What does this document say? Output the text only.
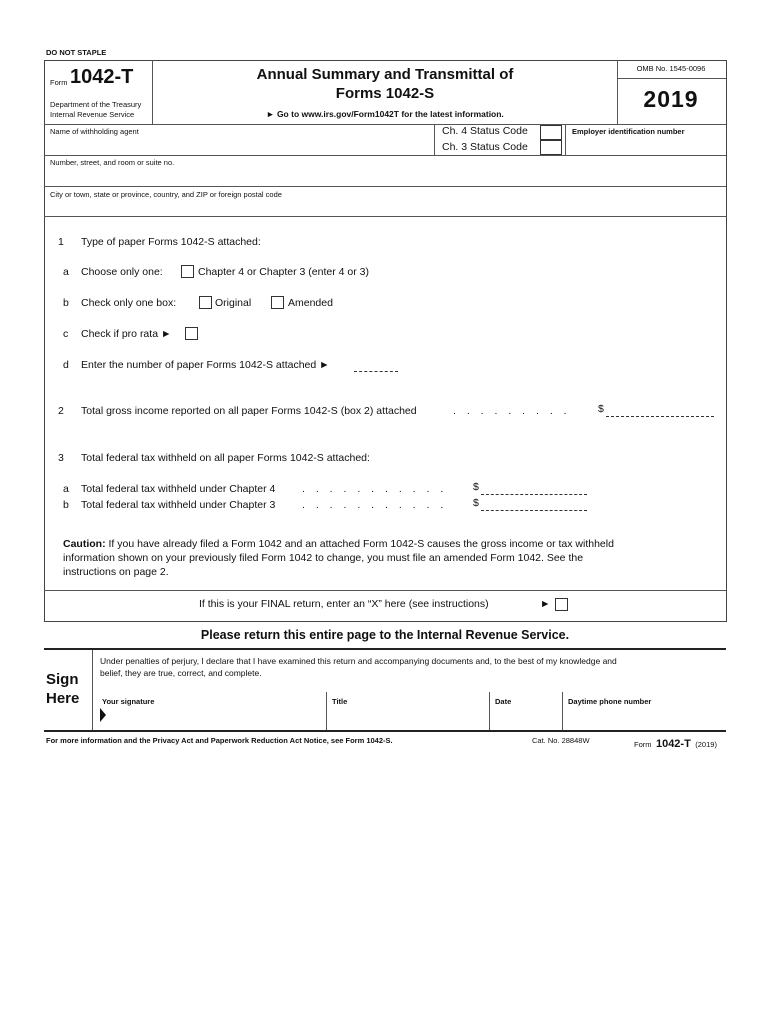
DO NOT STAPLE
Form 1042-T
Department of the Treasury
Internal Revenue Service
Annual Summary and Transmittal of
Forms 1042-S
► Go to www.irs.gov/Form1042T for the latest information.
OMB No. 1545-0096
2019
Name of withholding agent	Ch. 4 Status Code
Ch. 3 Status Code
Employer identification number
Number, street, and room or suite no.
City or town, state or province, country, and ZIP or foreign postal code
1 Type of paper Forms 1042-S attached:
a Choose only one:	Chapter 4 or Chapter 3 (enter 4 or 3)
b Check only one box:	Original	Amended
c Check if pro rata ►
d Enter the number of paper Forms 1042-S attached ►
2 Total gross income reported on all paper Forms 1042-S (box 2) attached	. . . . . . . . .	$
3 Total federal tax withheld on all paper Forms 1042-S attached:
a Total federal tax withheld under Chapter 4	. . . . . . . . . . . $
b Total federal tax withheld under Chapter 3	. . . . . . . . . . . $
Caution: If you have already filed a Form 1042 and an attached Form 1042-S causes the gross income or tax withheld
information shown on your previously filed Form 1042 to change, you must file an amended Form 1042. See the
instructions on page 2.
If this is your FINAL return, enter an “X” here (see instructions)	►
Please return this entire page to the Internal Revenue Service.
Sign
Here
Under penalties of perjury, I declare that I have examined this return and accompanying documents and, to the best of my knowledge and
belief, they are true, correct, and complete.
Your signature	Title	Date	Daytime phone number
For more information and the Privacy Act and Paperwork Reduction Act Notice, see Form 1042-S.	Cat. No. 28848W	Form 1042-T (2019)
